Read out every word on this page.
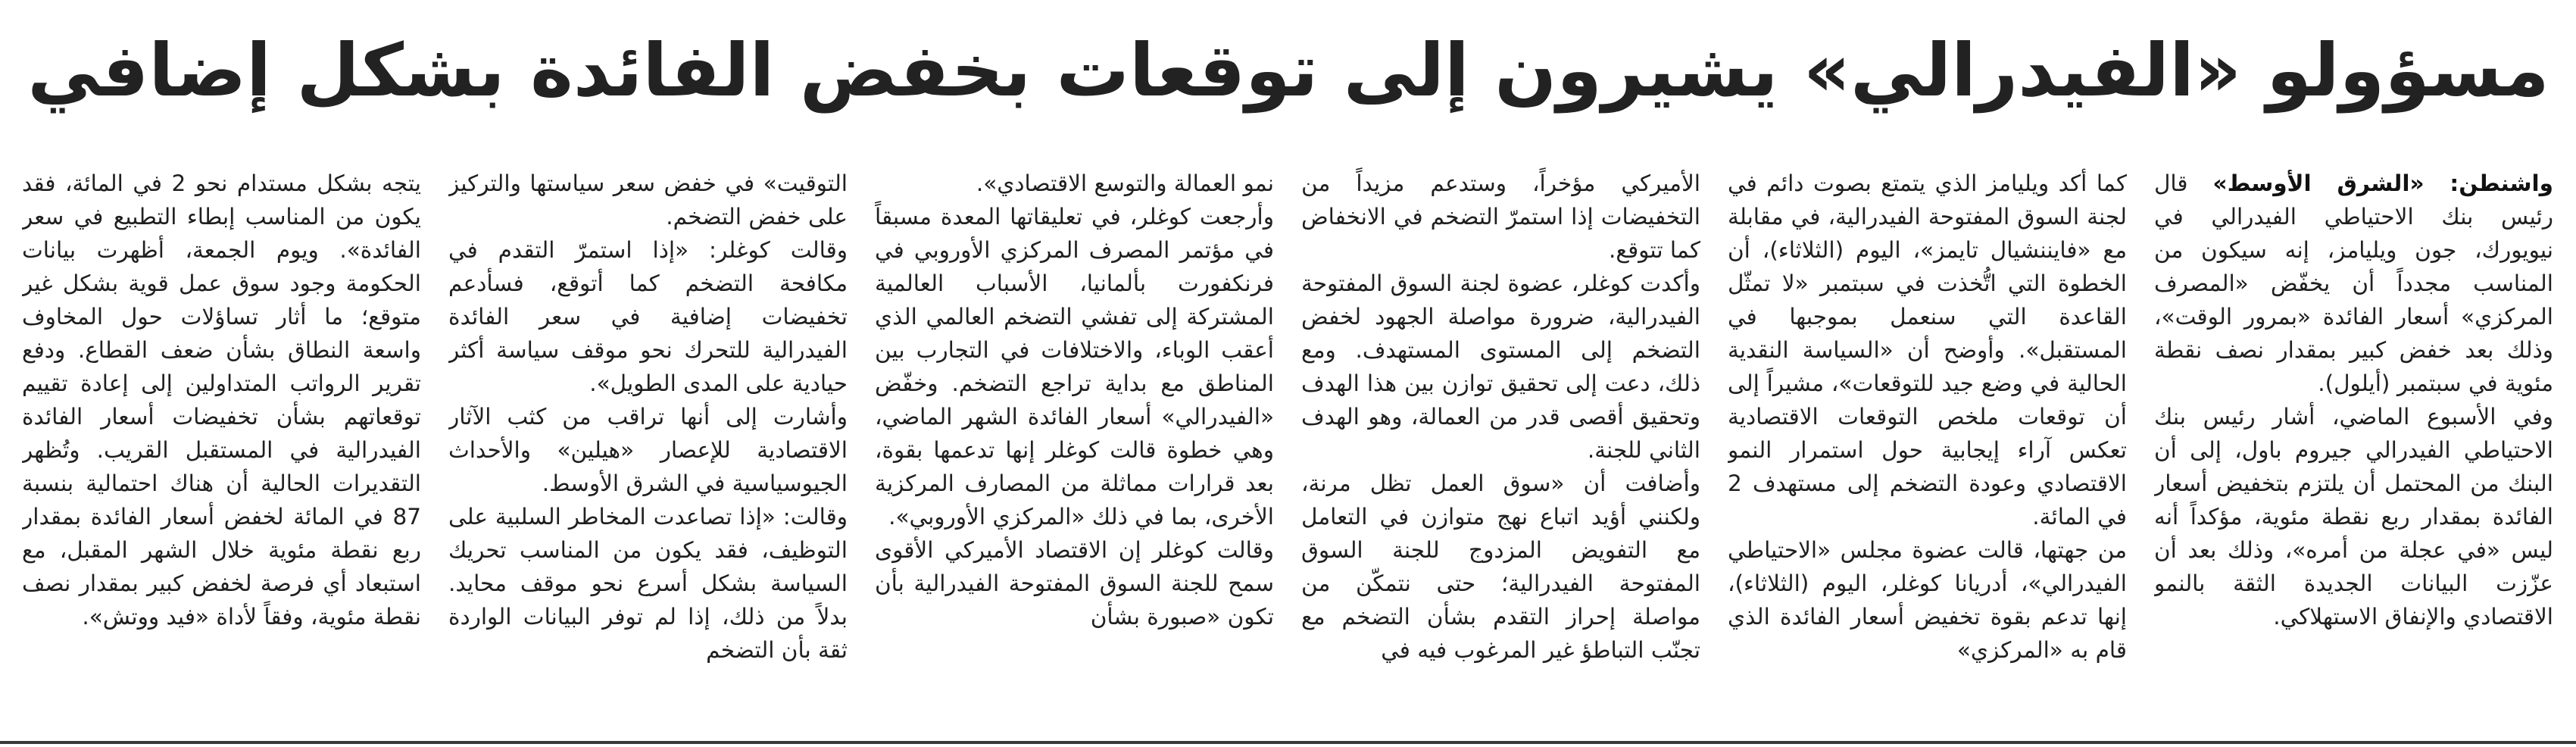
مسؤولو «الفيدرالي» يشيرون إلى توقعات بخفض الفائدة بشكل إضافي

واشنطن: «الشرق الأوسط» قال رئيس بنك الاحتياطي الفيدرالي في نيويورك، جون ويليامز، إنه سيكون من المناسب مجدداً أن يخفّض «المصرف المركزي» أسعار الفائدة «بمرور الوقت»، وذلك بعد خفض كبير بمقدار نصف نقطة مئوية في سبتمبر (أيلول).

وفي الأسبوع الماضي، أشار رئيس بنك الاحتياطي الفيدرالي جيروم باول، إلى أن البنك من المحتمل أن يلتزم بتخفيض أسعار الفائدة بمقدار ربع نقطة مئوية، مؤكداً أنه ليس «في عجلة من أمره»، وذلك بعد أن عزّزت البيانات الجديدة الثقة بالنمو الاقتصادي والإنفاق الاستهلاكي.

كما أكد ويليامز الذي يتمتع بصوت دائم في لجنة السوق المفتوحة الفيدرالية، في مقابلة مع «فايننشيال تايمز»، اليوم (الثلاثاء)، أن الخطوة التي اتُّخذت في سبتمبر «لا تمثّل القاعدة التي سنعمل بموجبها في المستقبل». وأوضح أن «السياسة النقدية الحالية في وضع جيد للتوقعات»، مشيراً إلى أن توقعات ملخص التوقعات الاقتصادية تعكس آراء إيجابية حول استمرار النمو الاقتصادي وعودة التضخم إلى مستهدف 2 في المائة.

من جهتها، قالت عضوة مجلس «الاحتياطي الفيدرالي»، أدريانا كوغلر، اليوم (الثلاثاء)، إنها تدعم بقوة تخفيض أسعار الفائدة الذي قام به «المركزي»

الأميركي مؤخراً، وستدعم مزيداً من التخفيضات إذا استمرّ التضخم في الانخفاض كما تتوقع.

وأكدت كوغلر، عضوة لجنة السوق المفتوحة الفيدرالية، ضرورة مواصلة الجهود لخفض التضخم إلى المستوى المستهدف. ومع ذلك، دعت إلى تحقيق توازن بين هذا الهدف وتحقيق أقصى قدر من العمالة، وهو الهدف الثاني للجنة.

وأضافت أن «سوق العمل تظل مرنة، ولكنني أؤيد اتباع نهج متوازن في التعامل مع التفويض المزدوج للجنة السوق المفتوحة الفيدرالية؛ حتى نتمكّن من مواصلة إحراز التقدم بشأن التضخم مع تجنّب التباطؤ غير المرغوب فيه في

نمو العمالة والتوسع الاقتصادي».

وأرجعت كوغلر، في تعليقاتها المعدة مسبقاً في مؤتمر المصرف المركزي الأوروبي في فرنكفورت بألمانيا، الأسباب العالمية المشتركة إلى تفشي التضخم العالمي الذي أعقب الوباء، والاختلافات في التجارب بين المناطق مع بداية تراجع التضخم. وخفّض «الفيدرالي» أسعار الفائدة الشهر الماضي، وهي خطوة قالت كوغلر إنها تدعمها بقوة، بعد قرارات مماثلة من المصارف المركزية الأخرى، بما في ذلك «المركزي الأوروبي».

وقالت كوغلر إن الاقتصاد الأميركي الأقوى سمح للجنة السوق المفتوحة الفيدرالية بأن تكون «صبورة بشأن

التوقيت» في خفض سعر سياستها والتركيز على خفض التضخم.

وقالت كوغلر: «إذا استمرّ التقدم في مكافحة التضخم كما أتوقع، فسأدعم تخفيضات إضافية في سعر الفائدة الفيدرالية للتحرك نحو موقف سياسة أكثر حيادية على المدى الطويل».

وأشارت إلى أنها تراقب من كثب الآثار الاقتصادية للإعصار «هيلين» والأحداث الجيوسياسية في الشرق الأوسط.

وقالت: «إذا تصاعدت المخاطر السلبية على التوظيف، فقد يكون من المناسب تحريك السياسة بشكل أسرع نحو موقف محايد. بدلاً من ذلك، إذا لم توفر البيانات الواردة ثقة بأن التضخم

يتجه بشكل مستدام نحو 2 في المائة، فقد يكون من المناسب إبطاء التطبيع في سعر الفائدة». ويوم الجمعة، أظهرت بيانات الحكومة وجود سوق عمل قوية بشكل غير متوقع؛ ما أثار تساؤلات حول المخاوف واسعة النطاق بشأن ضعف القطاع. ودفع تقرير الرواتب المتداولين إلى إعادة تقييم توقعاتهم بشأن تخفيضات أسعار الفائدة الفيدرالية في المستقبل القريب. وتُظهر التقديرات الحالية أن هناك احتمالية بنسبة 87 في المائة لخفض أسعار الفائدة بمقدار ربع نقطة مئوية خلال الشهر المقبل، مع استبعاد أي فرصة لخفض كبير بمقدار نصف نقطة مئوية، وفقاً لأداة «فيد ووتش».
